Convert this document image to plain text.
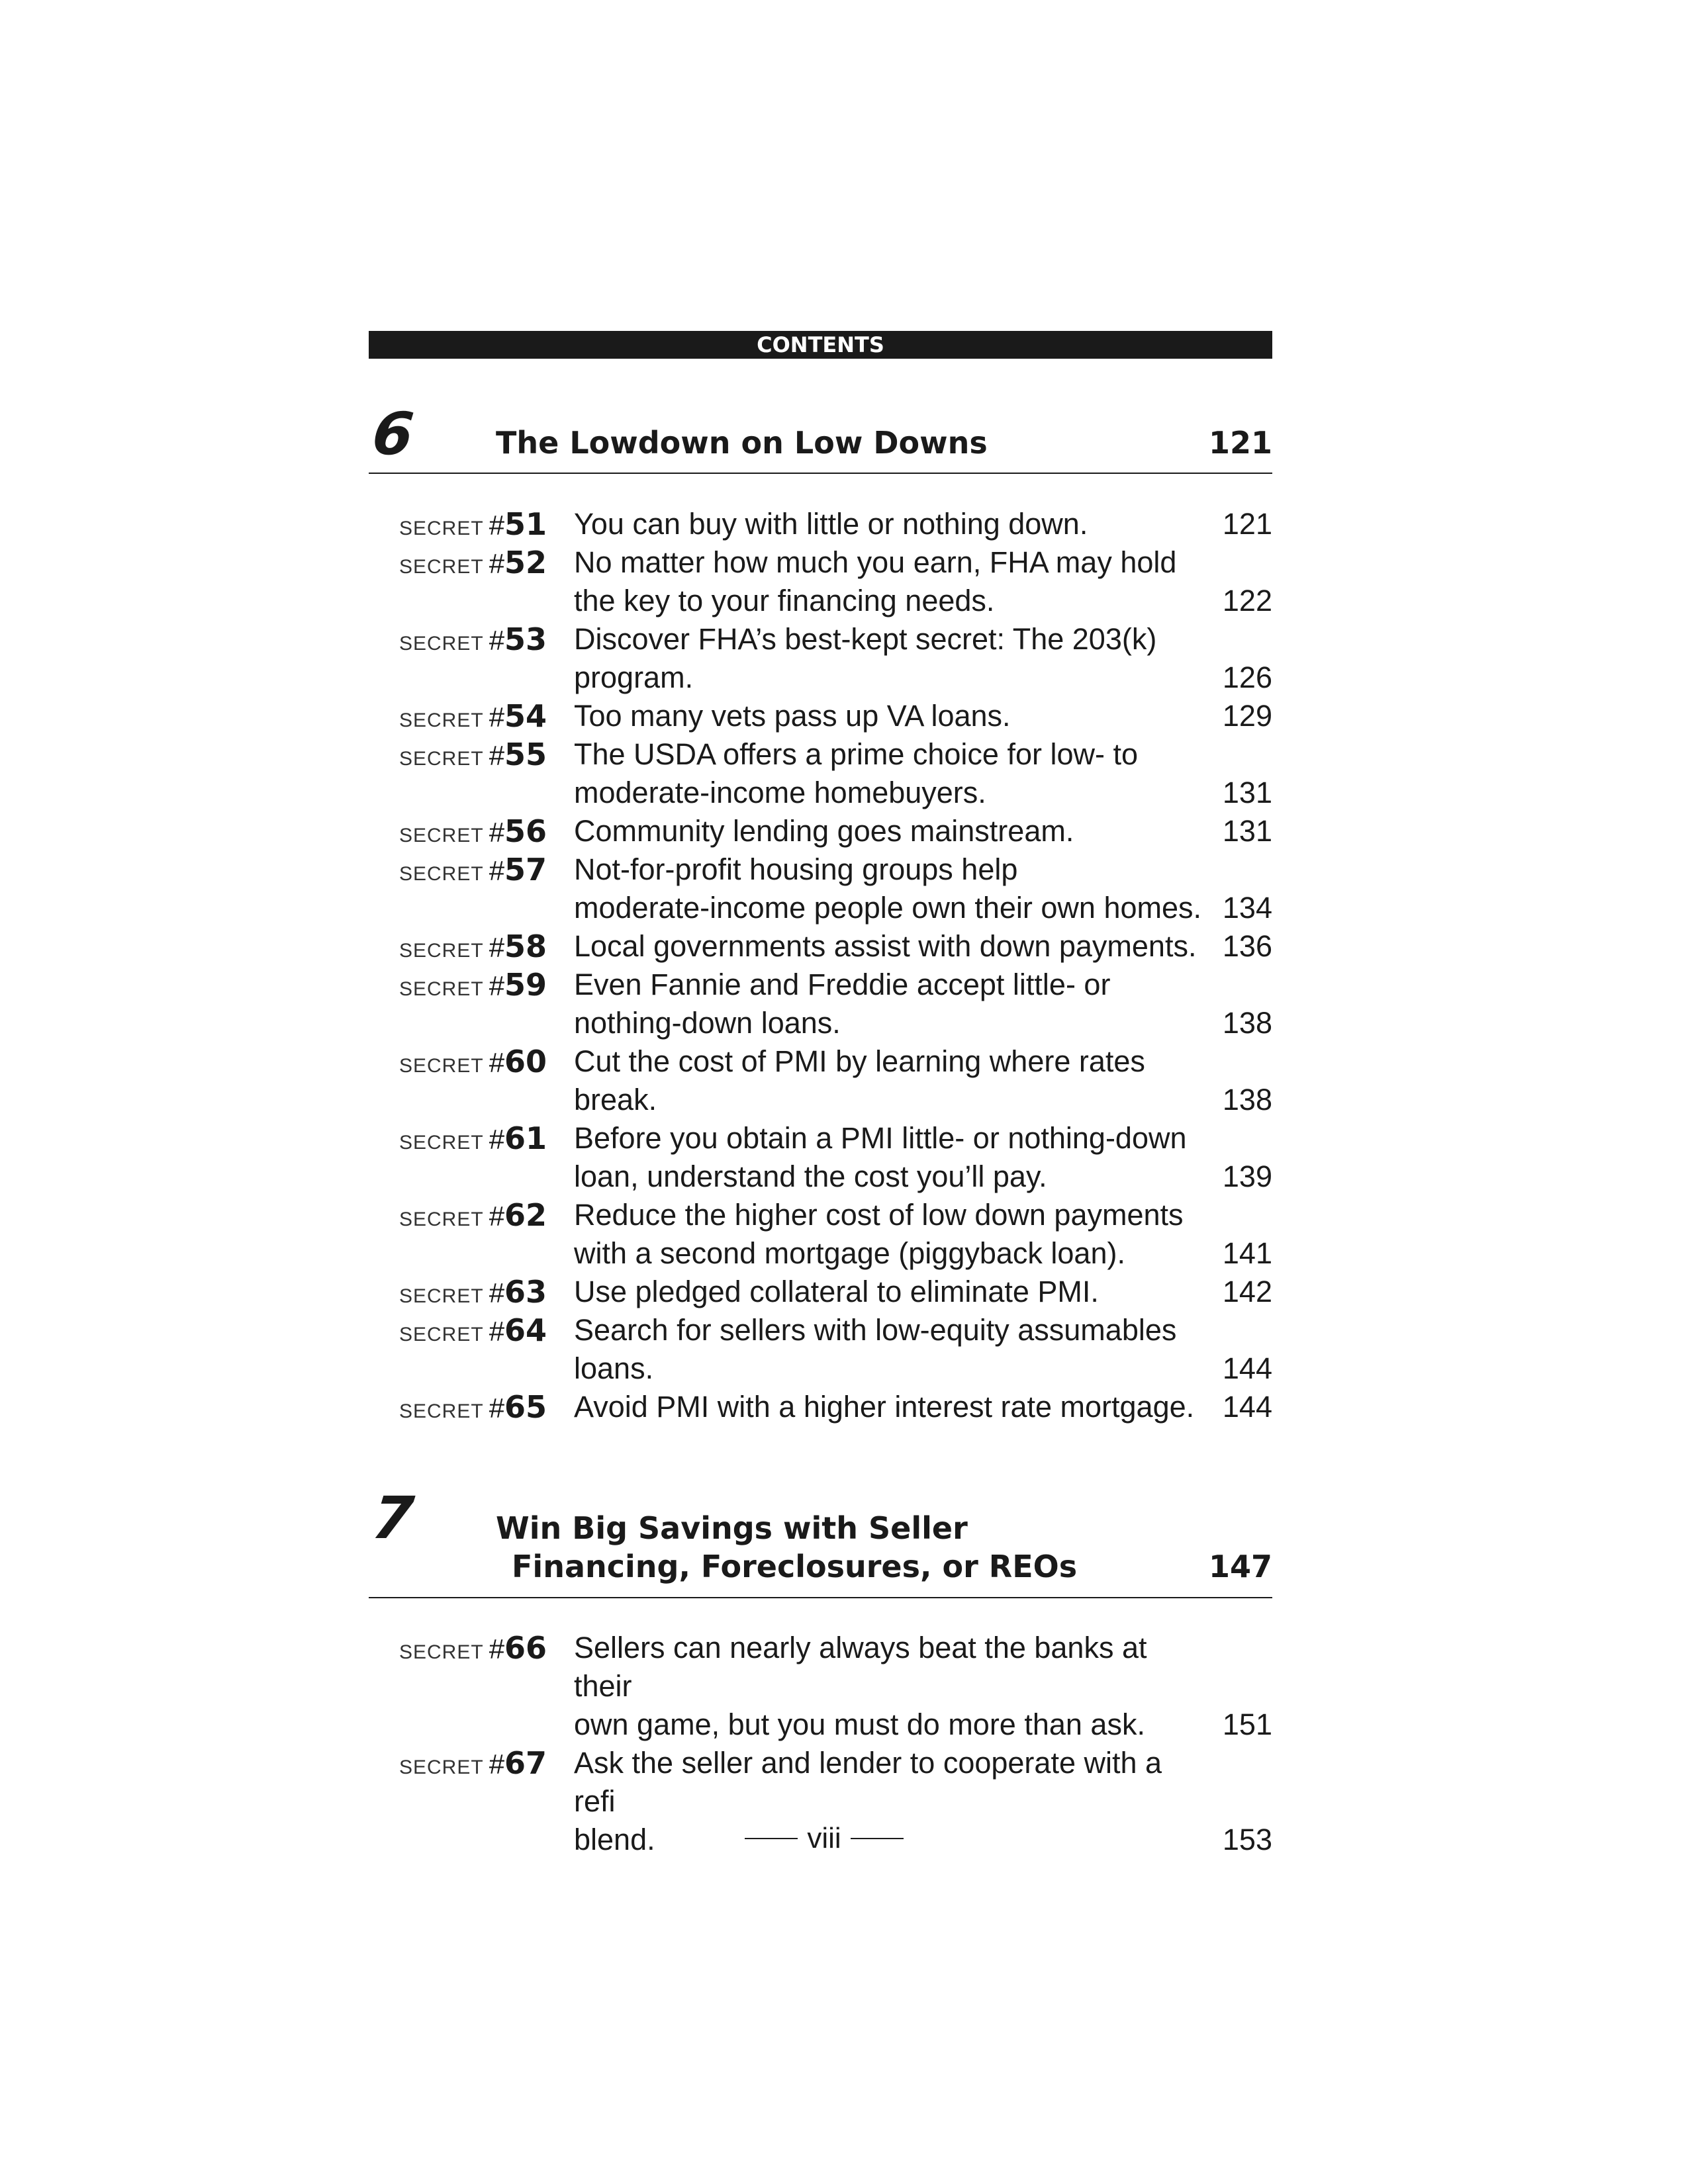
CONTENTS
6	The Lowdown on Low Downs	121
SECRET #51 You can buy with little or nothing down.	121
SECRET #52 No matter how much you earn, FHA may hold
the key to your financing needs.	122
SECRET #53 Discover FHA’s best-kept secret: The 203(k)
program.	126
SECRET #54 Too many vets pass up VA loans.	129
SECRET #55 The USDA offers a prime choice for low- to
moderate-income homebuyers.	131
SECRET #56 Community lending goes mainstream.	131
SECRET #57 Not-for-profit housing groups help
moderate-income people own their own homes. 134
SECRET #58 Local governments assist with down payments. 136
SECRET #59 Even Fannie and Freddie accept little- or
nothing-down loans.	138
SECRET #60 Cut the cost of PMI by learning where rates
break.	138
SECRET #61 Before you obtain a PMI little- or nothing-down
loan, understand the cost you’ll pay.	139
SECRET #62 Reduce the higher cost of low down payments
with a second mortgage (piggyback loan).	141
SECRET #63 Use pledged collateral to eliminate PMI.	142
SECRET #64 Search for sellers with low-equity assumables
loans.	144
SECRET #65 Avoid PMI with a higher interest rate mortgage. 144
7	Win Big Savings with Seller
Financing, Foreclosures, or REOs	147
SECRET #66 Sellers can nearly always beat the banks at their
own game, but you must do more than ask.	151
SECRET #67 Ask the seller and lender to cooperate with a refi
blend.	153
viii
